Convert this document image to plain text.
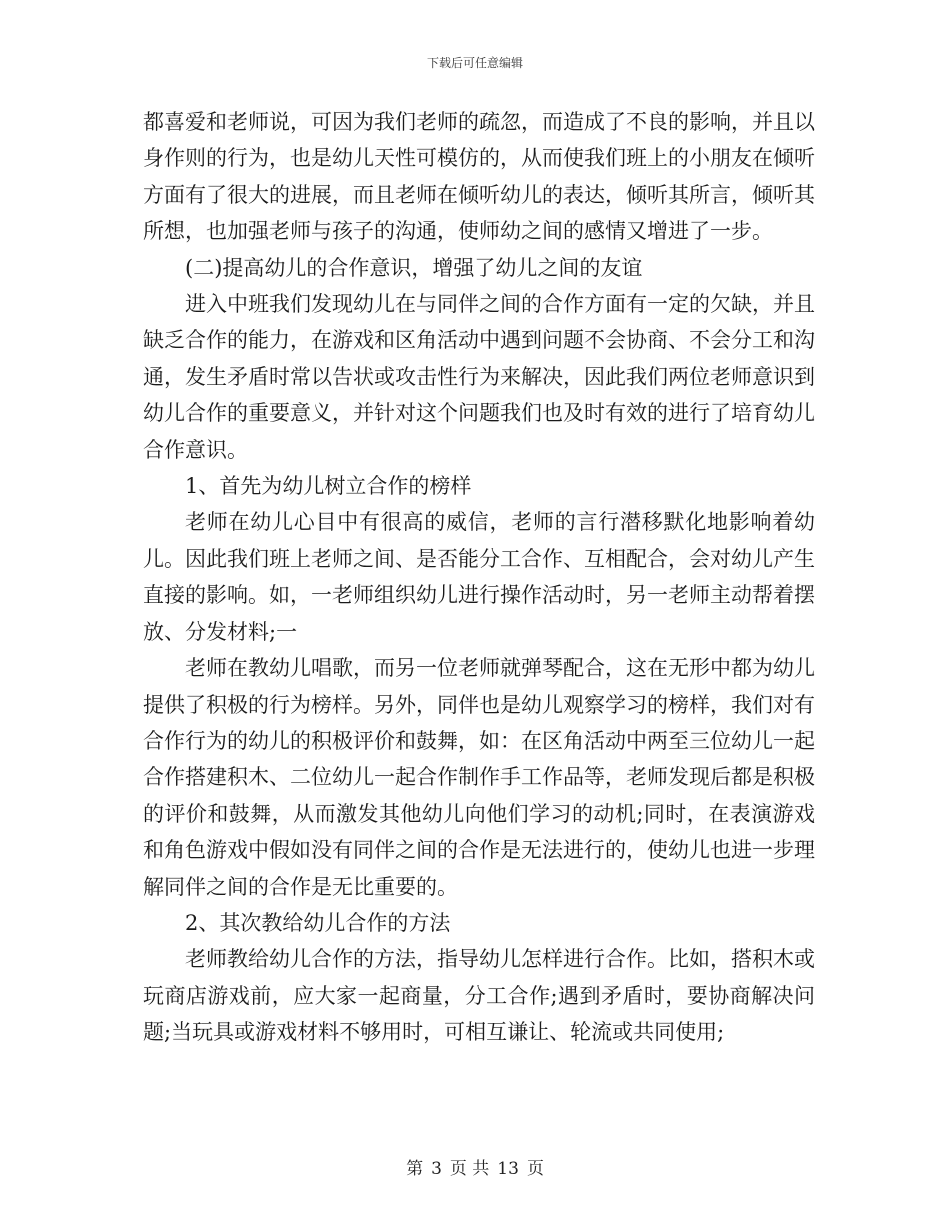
下载后可任意编辑

都喜爱和老师说，可因为我们老师的疏忽，而造成了不良的影响，并且以身作则的行为，也是幼儿天性可模仿的，从而使我们班上的小朋友在倾听方面有了很大的进展，而且老师在倾听幼儿的表达，倾听其所言，倾听其所想，也加强老师与孩子的沟通，使师幼之间的感情又增进了一步。

(二)提高幼儿的合作意识，增强了幼儿之间的友谊

进入中班我们发现幼儿在与同伴之间的合作方面有一定的欠缺，并且缺乏合作的能力，在游戏和区角活动中遇到问题不会协商、不会分工和沟通，发生矛盾时常以告状或攻击性行为来解决，因此我们两位老师意识到幼儿合作的重要意义，并针对这个问题我们也及时有效的进行了培育幼儿合作意识。

1、首先为幼儿树立合作的榜样

老师在幼儿心目中有很高的威信，老师的言行潜移默化地影响着幼儿。因此我们班上老师之间、是否能分工合作、互相配合，会对幼儿产生直接的影响。如，一老师组织幼儿进行操作活动时，另一老师主动帮着摆放、分发材料;一

老师在教幼儿唱歌，而另一位老师就弹琴配合，这在无形中都为幼儿提供了积极的行为榜样。另外，同伴也是幼儿观察学习的榜样，我们对有合作行为的幼儿的积极评价和鼓舞，如：在区角活动中两至三位幼儿一起合作搭建积木、二位幼儿一起合作制作手工作品等，老师发现后都是积极的评价和鼓舞，从而激发其他幼儿向他们学习的动机;同时，在表演游戏和角色游戏中假如没有同伴之间的合作是无法进行的，使幼儿也进一步理解同伴之间的合作是无比重要的。

2、其次教给幼儿合作的方法

老师教给幼儿合作的方法，指导幼儿怎样进行合作。比如，搭积木或玩商店游戏前，应大家一起商量，分工合作;遇到矛盾时，要协商解决问题;当玩具或游戏材料不够用时，可相互谦让、轮流或共同使用;

第 3 页 共 13 页
